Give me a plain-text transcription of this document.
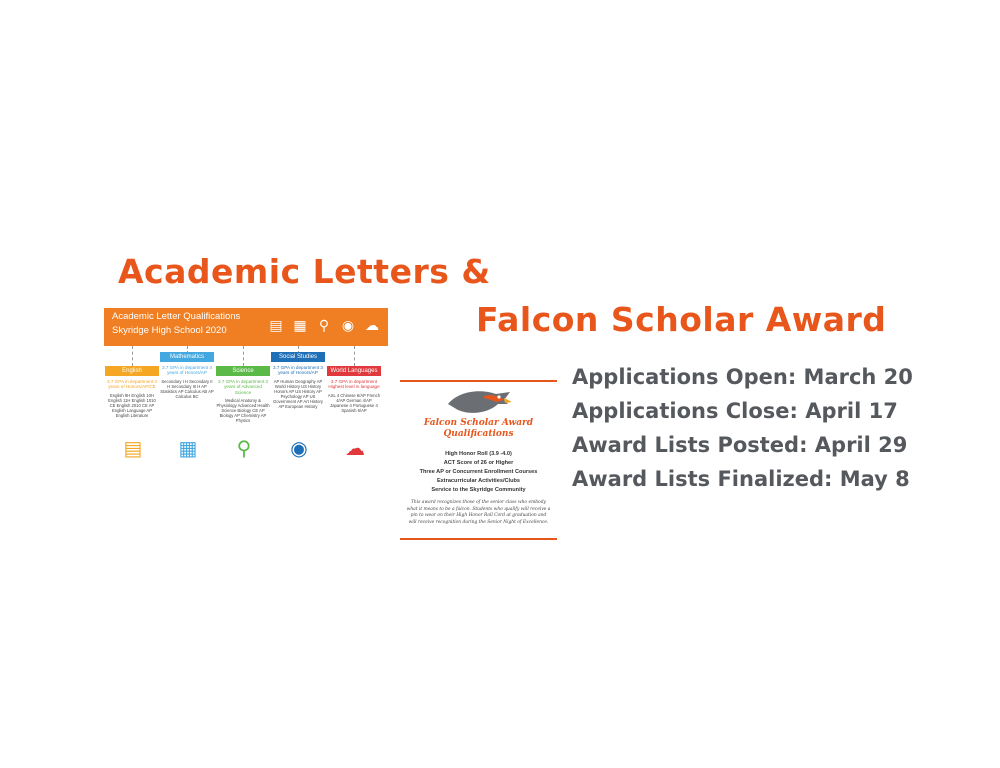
Academic Letters &
Falcon Scholar Award
Applications Open: March 20
Applications Close: April 17
Award Lists Posted: April 29
Award Lists Finalized: May 8
Academic Letter Qualifications
Skyridge High School 2020	▤ ▦ ⚲ ◉ ☁
English
3.7 GPA in department 4 years of Honors/AP/CE
English 9H English 10H English 11H English 1010 CE English 2010 CE AP English Language AP English Literature
▤
Mathematics
3.7 GPA in department 4 years of Honors/AP
Secondary I H Secondary II H Secondary III H AP Statistics AP Calculus AB AP Calculus BC
▦
Science
3.7 GPA in department 3 years of Advanced Science
Medical Anatomy & Physiology Advanced Health Science Biology CE AP Biology AP Chemistry AP Physics
⚲
Social Studies
3.7 GPA in department 3 years of Honors/AP
AP Human Geography AP World History US History Honors AP US History AP Psychology AP US Government AP Art History AP European History
◉
World Languages
3.7 GPA in department Highest level in language
ASL 4 Chinese 6/AP French 4/AP German 4/AP Japanese 4 Portuguese 4 Spanish 6/AP
☁
Falcon Scholar Award
Qualifications
High Honor Roll (3.9 -4.0)
ACT Score of 26 or Higher
Three AP or Concurrent Enrollment Courses
Extracurricular Activities/Clubs
Service to the Skyridge Community
This award recognizes those of the senior class who embody what it means to be a falcon. Students who qualify will receive a pin to wear on their High Honor Roll Cord at graduation and will receive recognition during the Senior Night of Excellence.
